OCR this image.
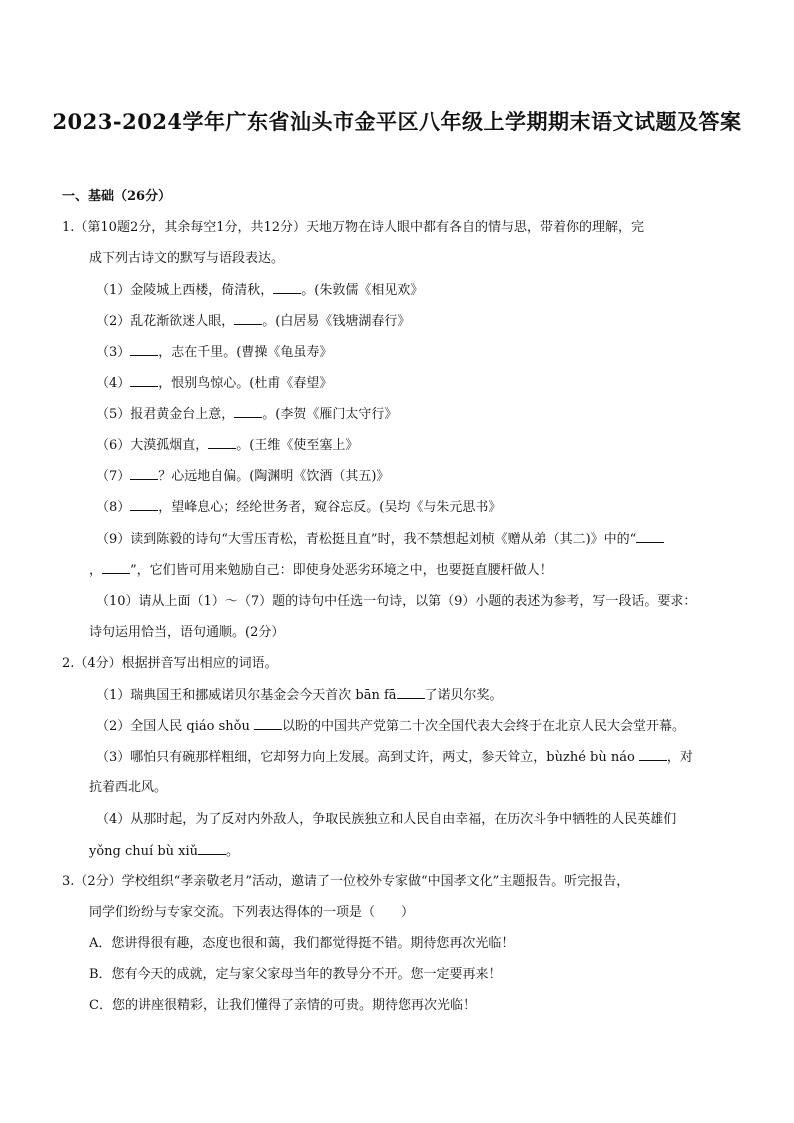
2023-2024学年广东省汕头市金平区八年级上学期期末语文试题及答案
一、基础（26分）
1.（第10题2分，其余每空1分，共12分）天地万物在诗人眼中都有各自的情与思，带着你的理解，完
成下列古诗文的默写与语段表达。
（1）金陵城上西楼，倚清秋， 。(朱敦儒《相见欢》
（2）乱花渐欲迷人眼， 。(白居易《钱塘湖春行》
（3） ，志在千里。(曹操《龟虽寿》
（4） ，恨别鸟惊心。(杜甫《春望》
（5）报君黄金台上意， 。(李贺《雁门太守行》
（6）大漠孤烟直， 。(王维《使至塞上》
（7） ？心远地自偏。(陶渊明《饮酒（其五)》
（8） ，望峰息心；经纶世务者，窥谷忘反。(吴均《与朱元思书》
（9）读到陈毅的诗句“大雪压青松，青松挺且直”时，我不禁想起刘桢《赠从弟（其二)》中的“
， ”，它们皆可用来勉励自己：即使身处恶劣环境之中，也要挺直腰杆做人！
（10）请从上面（1）～（7）题的诗句中任选一句诗，以第（9）小题的表述为参考，写一段话。要求：
诗句运用恰当，语句通顺。(2分）
2.（4分）根据拼音写出相应的词语。
（1）瑞典国王和挪威诺贝尔基金会今天首次 bān fā 了诺贝尔奖。
（2）全国人民 qiáo shǒu 以盼的中国共产党第二十次全国代表大会终于在北京人民大会堂开幕。
（3）哪怕只有碗那样粗细，它却努力向上发展。高到丈许，两丈，参天耸立，bùzhé bù náo ，对
抗着西北风。
（4）从那时起，为了反对内外敌人，争取民族独立和人民自由幸福，在历次斗争中牺牲的人民英雄们
yǒng chuí bù xiǔ 。
3.（2分）学校组织“孝亲敬老月”活动，邀请了一位校外专家做“中国孝文化”主题报告。听完报告，
同学们纷纷与专家交流。下列表达得体的一项是（　　）
A．您讲得很有趣，态度也很和蔼，我们都觉得挺不错。期待您再次光临！
B．您有今天的成就，定与家父家母当年的教导分不开。您一定要再来！
C．您的讲座很精彩，让我们懂得了亲情的可贵。期待您再次光临！
